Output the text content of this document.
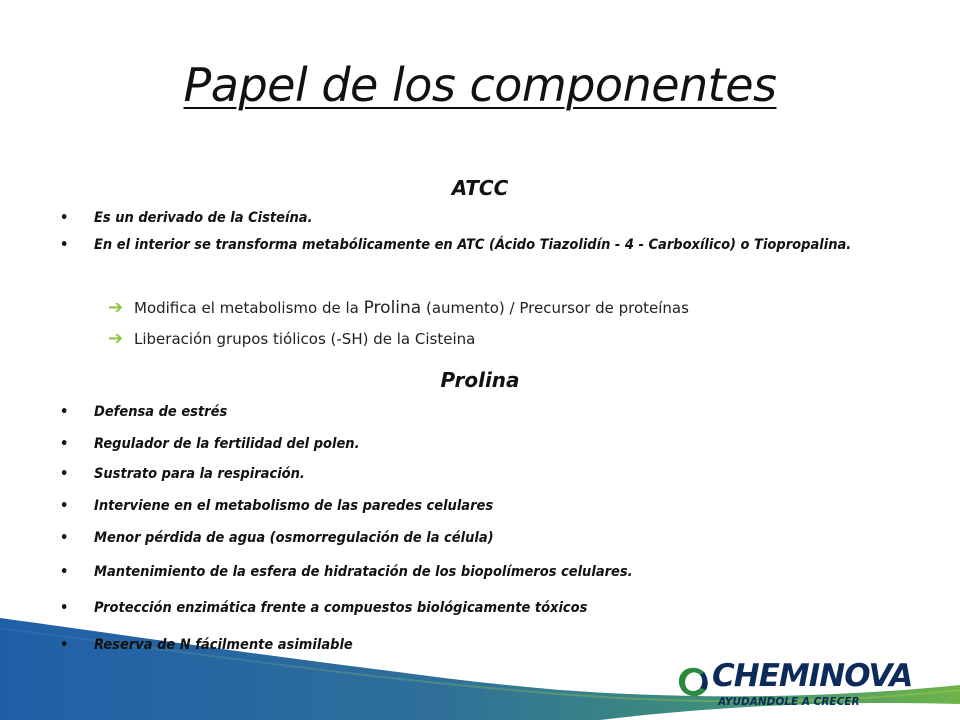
Papel de los componentes
ATCC
• Es un derivado de la Cisteína.
• En el interior se transforma metabólicamente en ATC (Ácido Tiazolidín - 4 - Carboxílico) o Tiopropalina.
➔ Modifica el metabolismo de la Prolina (aumento) / Precursor de proteínas
➔ Liberación grupos tiólicos (-SH) de la Cisteina
Prolina
• Defensa de estrés
• Regulador de la fertilidad del polen.
• Sustrato para la respiración.
• Interviene en el metabolismo de las paredes celulares
• Menor pérdida de agua (osmorregulación de la célula)
• Mantenimiento de la esfera de hidratación de los biopolímeros celulares.
• Protección enzimática frente a compuestos biológicamente tóxicos
• Reserva de N fácilmente asimilable
CHEMINOVA
AYUDANDOLE A CRECER
